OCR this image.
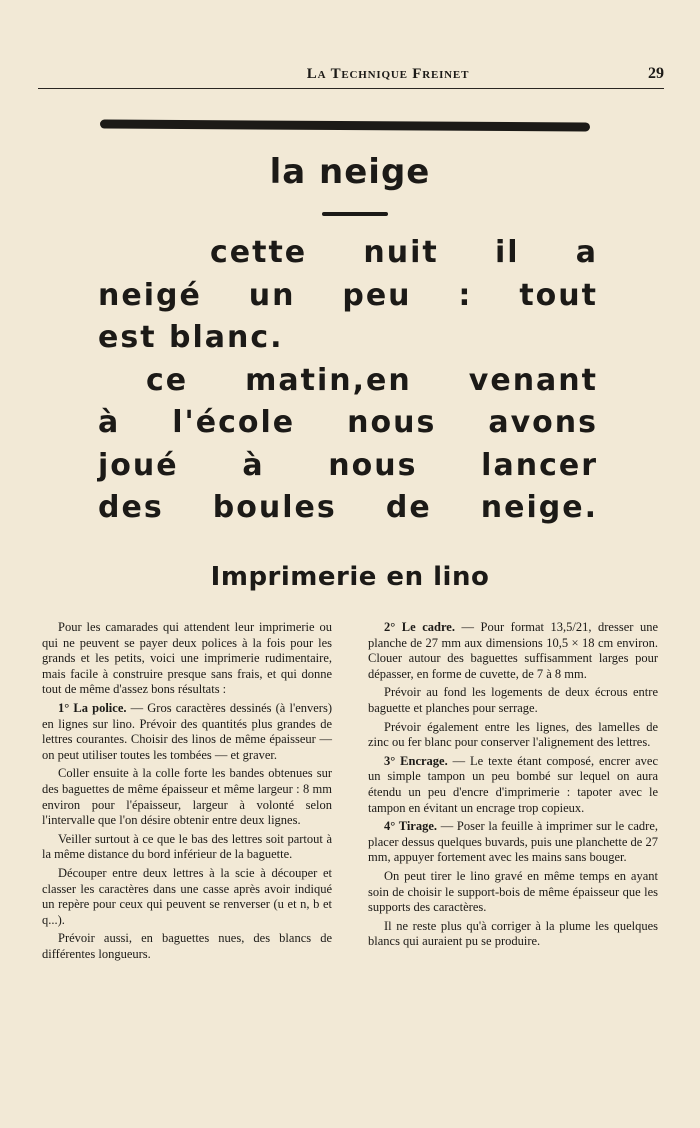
La Technique Freinet	29
la neige
cette nuit il a
neigé un peu : tout
est blanc.
ce matin,en venant
à l'école nous avons
joué à nous lancer
des boules de neige.
Imprimerie en lino

Pour les camarades qui attendent leur imprimerie ou qui ne peuvent se payer deux polices à la fois pour les grands et les petits, voici une imprimerie rudimentaire, mais facile à construire presque sans frais, et qui donne tout de même d'assez bons résultats :

1° La police. — Gros caractères dessinés (à l'envers) en lignes sur lino. Prévoir des quantités plus grandes de lettres courantes. Choisir des linos de même épaisseur — on peut utiliser toutes les tombées — et graver.

Coller ensuite à la colle forte les bandes obtenues sur des baguettes de même épaisseur et même largeur : 8 mm environ pour l'épaisseur, largeur à volonté selon l'intervalle que l'on désire obtenir entre deux lignes.

Veiller surtout à ce que le bas des lettres soit partout à la même distance du bord inférieur de la baguette.

Découper entre deux lettres à la scie à découper et classer les caractères dans une casse après avoir indiqué un repère pour ceux qui peuvent se renverser (u et n, b et q...).

Prévoir aussi, en baguettes nues, des blancs de différentes longueurs.

2° Le cadre. — Pour format 13,5/21, dresser une planche de 27 mm aux dimensions 10,5 × 18 cm environ. Clouer autour des baguettes suffisamment larges pour dépasser, en forme de cuvette, de 7 à 8 mm.

Prévoir au fond les logements de deux écrous entre baguette et planches pour serrage.

Prévoir également entre les lignes, des lamelles de zinc ou fer blanc pour conserver l'alignement des lettres.

3° Encrage. — Le texte étant composé, encrer avec un simple tampon un peu bombé sur lequel on aura étendu un peu d'encre d'imprimerie : tapoter avec le tampon en évitant un encrage trop copieux.

4° Tirage. — Poser la feuille à imprimer sur le cadre, placer dessus quelques buvards, puis une planchette de 27 mm, appuyer fortement avec les mains sans bouger.

On peut tirer le lino gravé en même temps en ayant soin de choisir le support-bois de même épaisseur que les supports des caractères.

Il ne reste plus qu'à corriger à la plume les quelques blancs qui auraient pu se produire.
